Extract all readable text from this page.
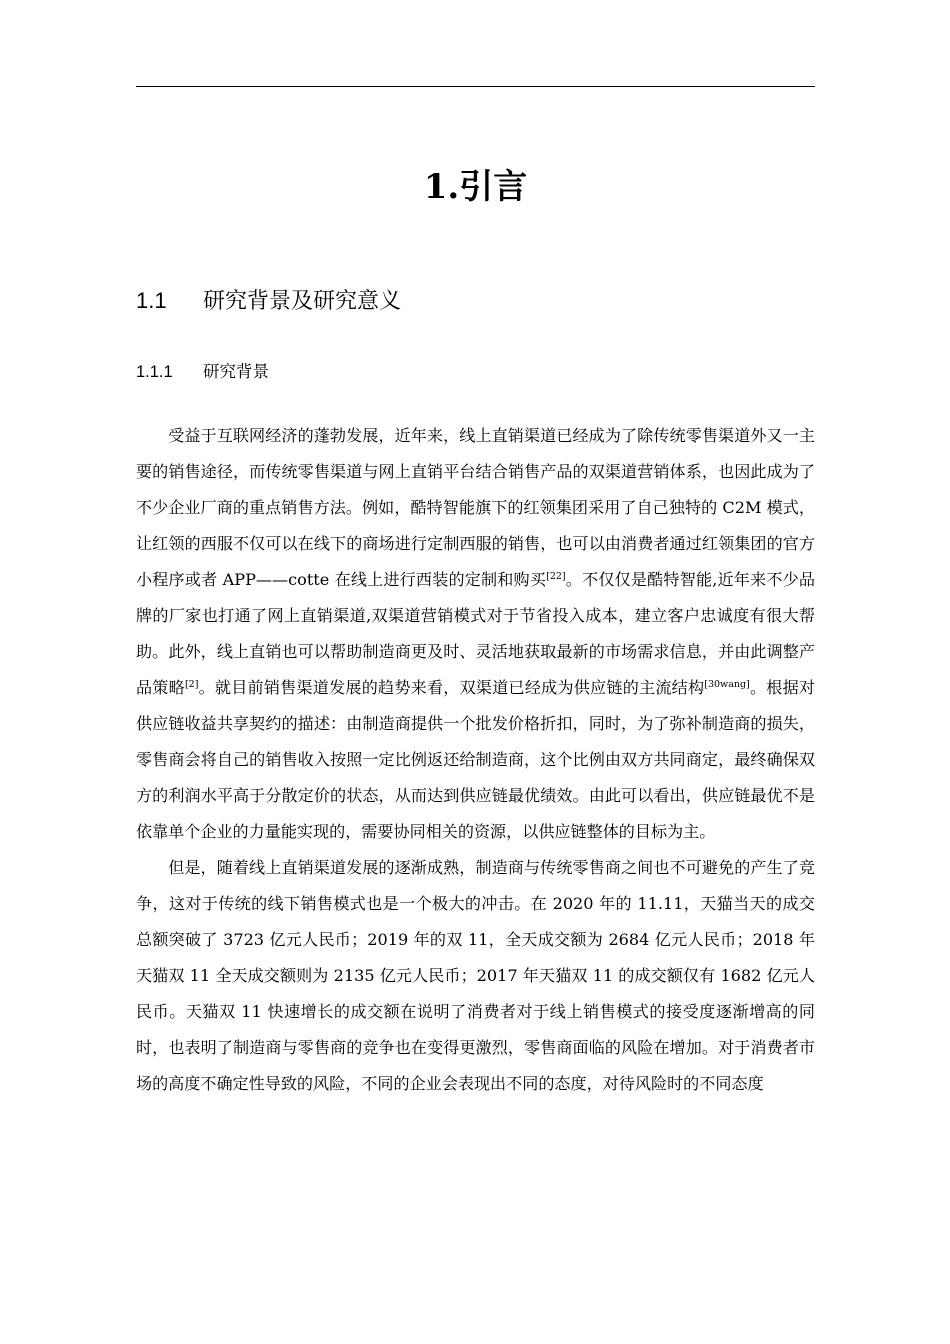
1.引言
1.1 研究背景及研究意义
1.1.1 研究背景

受益于互联网经济的蓬勃发展，近年来，线上直销渠道已经成为了除传统零售渠道外又一主要的销售途径，而传统零售渠道与网上直销平台结合销售产品的双渠道营销体系，也因此成为了不少企业厂商的重点销售方法。例如，酷特智能旗下的红领集团采用了自己独特的 C2M 模式，让红领的西服不仅可以在线下的商场进行定制西服的销售，也可以由消费者通过红领集团的官方小程序或者 APP——cotte 在线上进行西装的定制和购买[22]。不仅仅是酷特智能,近年来不少品牌的厂家也打通了网上直销渠道,双渠道营销模式对于节省投入成本，建立客户忠诚度有很大帮助。此外，线上直销也可以帮助制造商更及时、灵活地获取最新的市场需求信息，并由此调整产品策略[2]。就目前销售渠道发展的趋势来看，双渠道已经成为供应链的主流结构[30wang]。根据对供应链收益共享契约的描述：由制造商提供一个批发价格折扣，同时，为了弥补制造商的损失，零售商会将自己的销售收入按照一定比例返还给制造商，这个比例由双方共同商定，最终确保双方的利润水平高于分散定价的状态，从而达到供应链最优绩效。由此可以看出，供应链最优不是依靠单个企业的力量能实现的，需要协同相关的资源，以供应链整体的目标为主。

但是，随着线上直销渠道发展的逐渐成熟，制造商与传统零售商之间也不可避免的产生了竞争，这对于传统的线下销售模式也是一个极大的冲击。在 2020 年的 11.11，天猫当天的成交总额突破了 3723 亿元人民币；2019 年的双 11，全天成交额为 2684 亿元人民币；2018 年天猫双 11 全天成交额则为 2135 亿元人民币；2017 年天猫双 11 的成交额仅有 1682 亿元人民币。天猫双 11 快速增长的成交额在说明了消费者对于线上销售模式的接受度逐渐增高的同时，也表明了制造商与零售商的竞争也在变得更激烈，零售商面临的风险在增加。对于消费者市场的高度不确定性导致的风险，不同的企业会表现出不同的态度，对待风险时的不同态度
